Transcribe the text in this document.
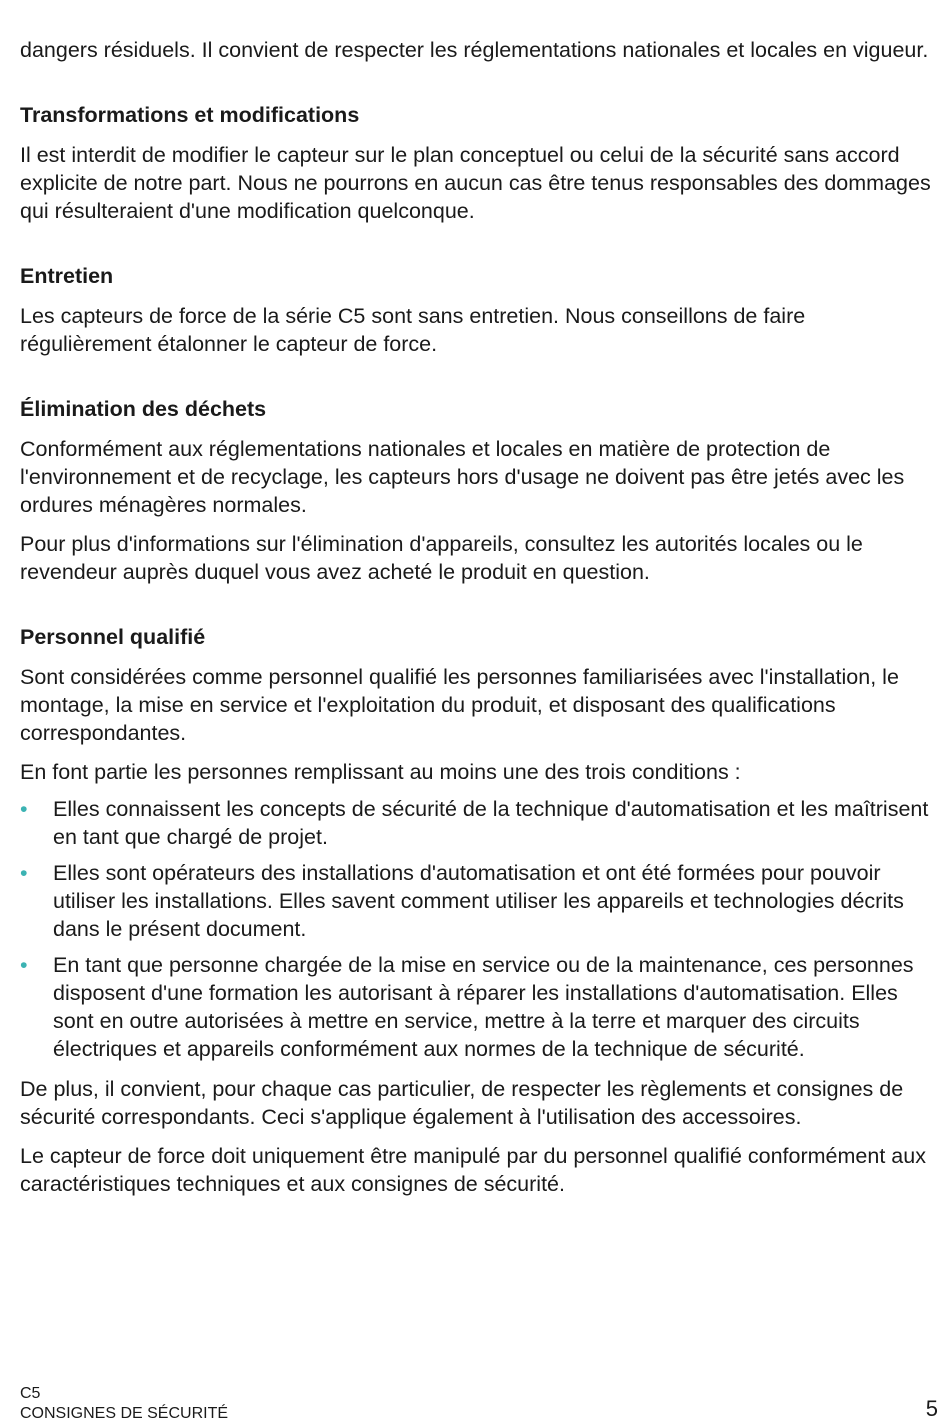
dangers résiduels. Il convient de respecter les réglementations nationales et locales en vigueur.

Transformations et modifications

Il est interdit de modifier le capteur sur le plan conceptuel ou celui de la sécurité sans accord explicite de notre part. Nous ne pourrons en aucun cas être tenus responsables des dommages qui résulteraient d'une modification quelconque.

Entretien

Les capteurs de force de la série C5 sont sans entretien. Nous conseillons de faire régulièrement étalonner le capteur de force.

Élimination des déchets

Conformément aux réglementations nationales et locales en matière de protection de l'environnement et de recyclage, les capteurs hors d'usage ne doivent pas être jetés avec les ordures ménagères normales.

Pour plus d'informations sur l'élimination d'appareils, consultez les autorités locales ou le revendeur auprès duquel vous avez acheté le produit en question.

Personnel qualifié

Sont considérées comme personnel qualifié les personnes familiarisées avec l'installation, le montage, la mise en service et l'exploitation du produit, et disposant des qualifications correspondantes.

En font partie les personnes remplissant au moins une des trois conditions :

• Elles connaissent les concepts de sécurité de la technique d'automatisation et les maîtrisent en tant que chargé de projet.
• Elles sont opérateurs des installations d'automatisation et ont été formées pour pouvoir utiliser les installations. Elles savent comment utiliser les appareils et technologies décrits dans le présent document.
• En tant que personne chargée de la mise en service ou de la maintenance, ces personnes disposent d'une formation les autorisant à réparer les installations d'automatisation. Elles sont en outre autorisées à mettre en service, mettre à la terre et marquer des circuits électriques et appareils conformément aux normes de la technique de sécurité.

De plus, il convient, pour chaque cas particulier, de respecter les règlements et consignes de sécurité correspondants. Ceci s'applique également à l'utilisation des accessoires.

Le capteur de force doit uniquement être manipulé par du personnel qualifié conformément aux caractéristiques techniques et aux consignes de sécurité.

C5
CONSIGNES DE SÉCURITÉ	5
